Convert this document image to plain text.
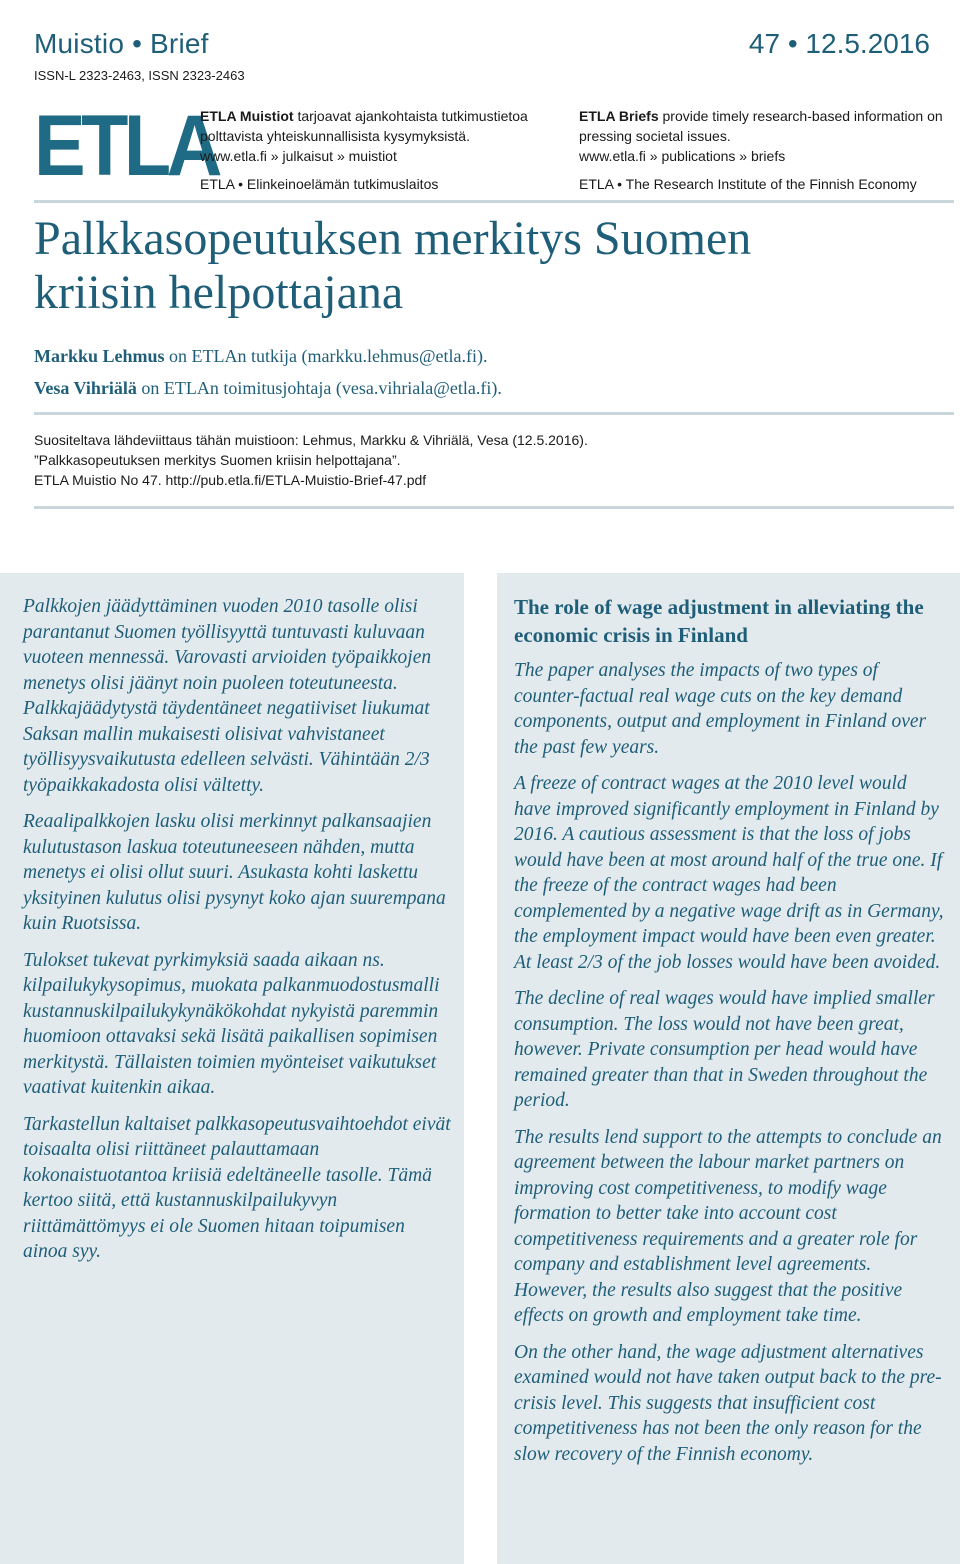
Muistio • Brief	47 • 12.5.2016
ISSN-L 2323-2463, ISSN 2323-2463
ETLA
ETLA Muistiot tarjoavat ajankohtaista tutkimustietoa polttavista yhteiskunnallisista kysymyksistä.
www.etla.fi » julkaisut » muistiot
ETLA • Elinkeinoelämän tutkimuslaitos
ETLA Briefs provide timely research-based information on pressing societal issues.
www.etla.fi » publications » briefs
ETLA • The Research Institute of the Finnish Economy
Palkkasopeutuksen merkitys Suomen
kriisin helpottajana
Markku Lehmus on ETLAn tutkija (markku.lehmus@etla.fi).
Vesa Vihriälä on ETLAn toimitusjohtaja (vesa.vihriala@etla.fi).
Suositeltava lähdeviittaus tähän muistioon: Lehmus, Markku & Vihriälä, Vesa (12.5.2016).
”Palkkasopeutuksen merkitys Suomen kriisin helpottajana”.
ETLA Muistio No 47. http://pub.etla.fi/ETLA-Muistio-Brief-47.pdf

Palkkojen jäädyttäminen vuoden 2010 tasolle olisi parantanut Suomen työllisyyttä tuntuvasti kuluvaan vuoteen mennessä. Varovasti arvioiden työpaikkojen menetys olisi jäänyt noin puoleen toteutuneesta. Palkkajäädytystä täydentäneet negatiiviset liukumat Saksan mallin mukaisesti olisivat vahvistaneet työllisyysvaikutusta edelleen selvästi. Vähintään 2/3 työpaikkakadosta olisi vältetty.

Reaalipalkkojen lasku olisi merkinnyt palkansaajien kulutustason laskua toteutuneeseen nähden, mutta menetys ei olisi ollut suuri. Asukasta kohti laskettu yksityinen kulutus olisi pysynyt koko ajan suurempana kuin Ruotsissa.

Tulokset tukevat pyrkimyksiä saada aikaan ns. kilpailukykysopimus, muokata palkanmuodostusmalli kustannuskilpailukykynäkökohdat nykyistä paremmin huomioon ottavaksi sekä lisätä paikallisen sopimisen merkitystä. Tällaisten toimien myönteiset vaikutukset vaativat kuitenkin aikaa.

Tarkastellun kaltaiset palkkasopeutusvaihtoehdot eivät toisaalta olisi riittäneet palauttamaan kokonaistuotantoa kriisiä edeltäneelle tasolle. Tämä kertoo siitä, että kustannuskilpailukyvyn riittämättömyys ei ole Suomen hitaan toipumisen ainoa syy.

The role of wage adjustment in alleviating the economic crisis in Finland

The paper analyses the impacts of two types of counter-factual real wage cuts on the key demand components, output and employment in Finland over the past few years.

A freeze of contract wages at the 2010 level would have improved significantly employment in Finland by 2016. A cautious assessment is that the loss of jobs would have been at most around half of the true one. If the freeze of the contract wages had been complemented by a negative wage drift as in Germany, the employment impact would have been even greater. At least 2/3 of the job losses would have been avoided.

The decline of real wages would have implied smaller consumption. The loss would not have been great, however. Private consumption per head would have remained greater than that in Sweden throughout the period.

The results lend support to the attempts to conclude an agreement between the labour market partners on improving cost competitiveness, to modify wage formation to better take into account cost competitiveness requirements and a greater role for company and establishment level agreements. However, the results also suggest that the positive effects on growth and employment take time.

On the other hand, the wage adjustment alternatives examined would not have taken output back to the pre-crisis level. This suggests that insufficient cost competitiveness has not been the only reason for the slow recovery of the Finnish economy.
